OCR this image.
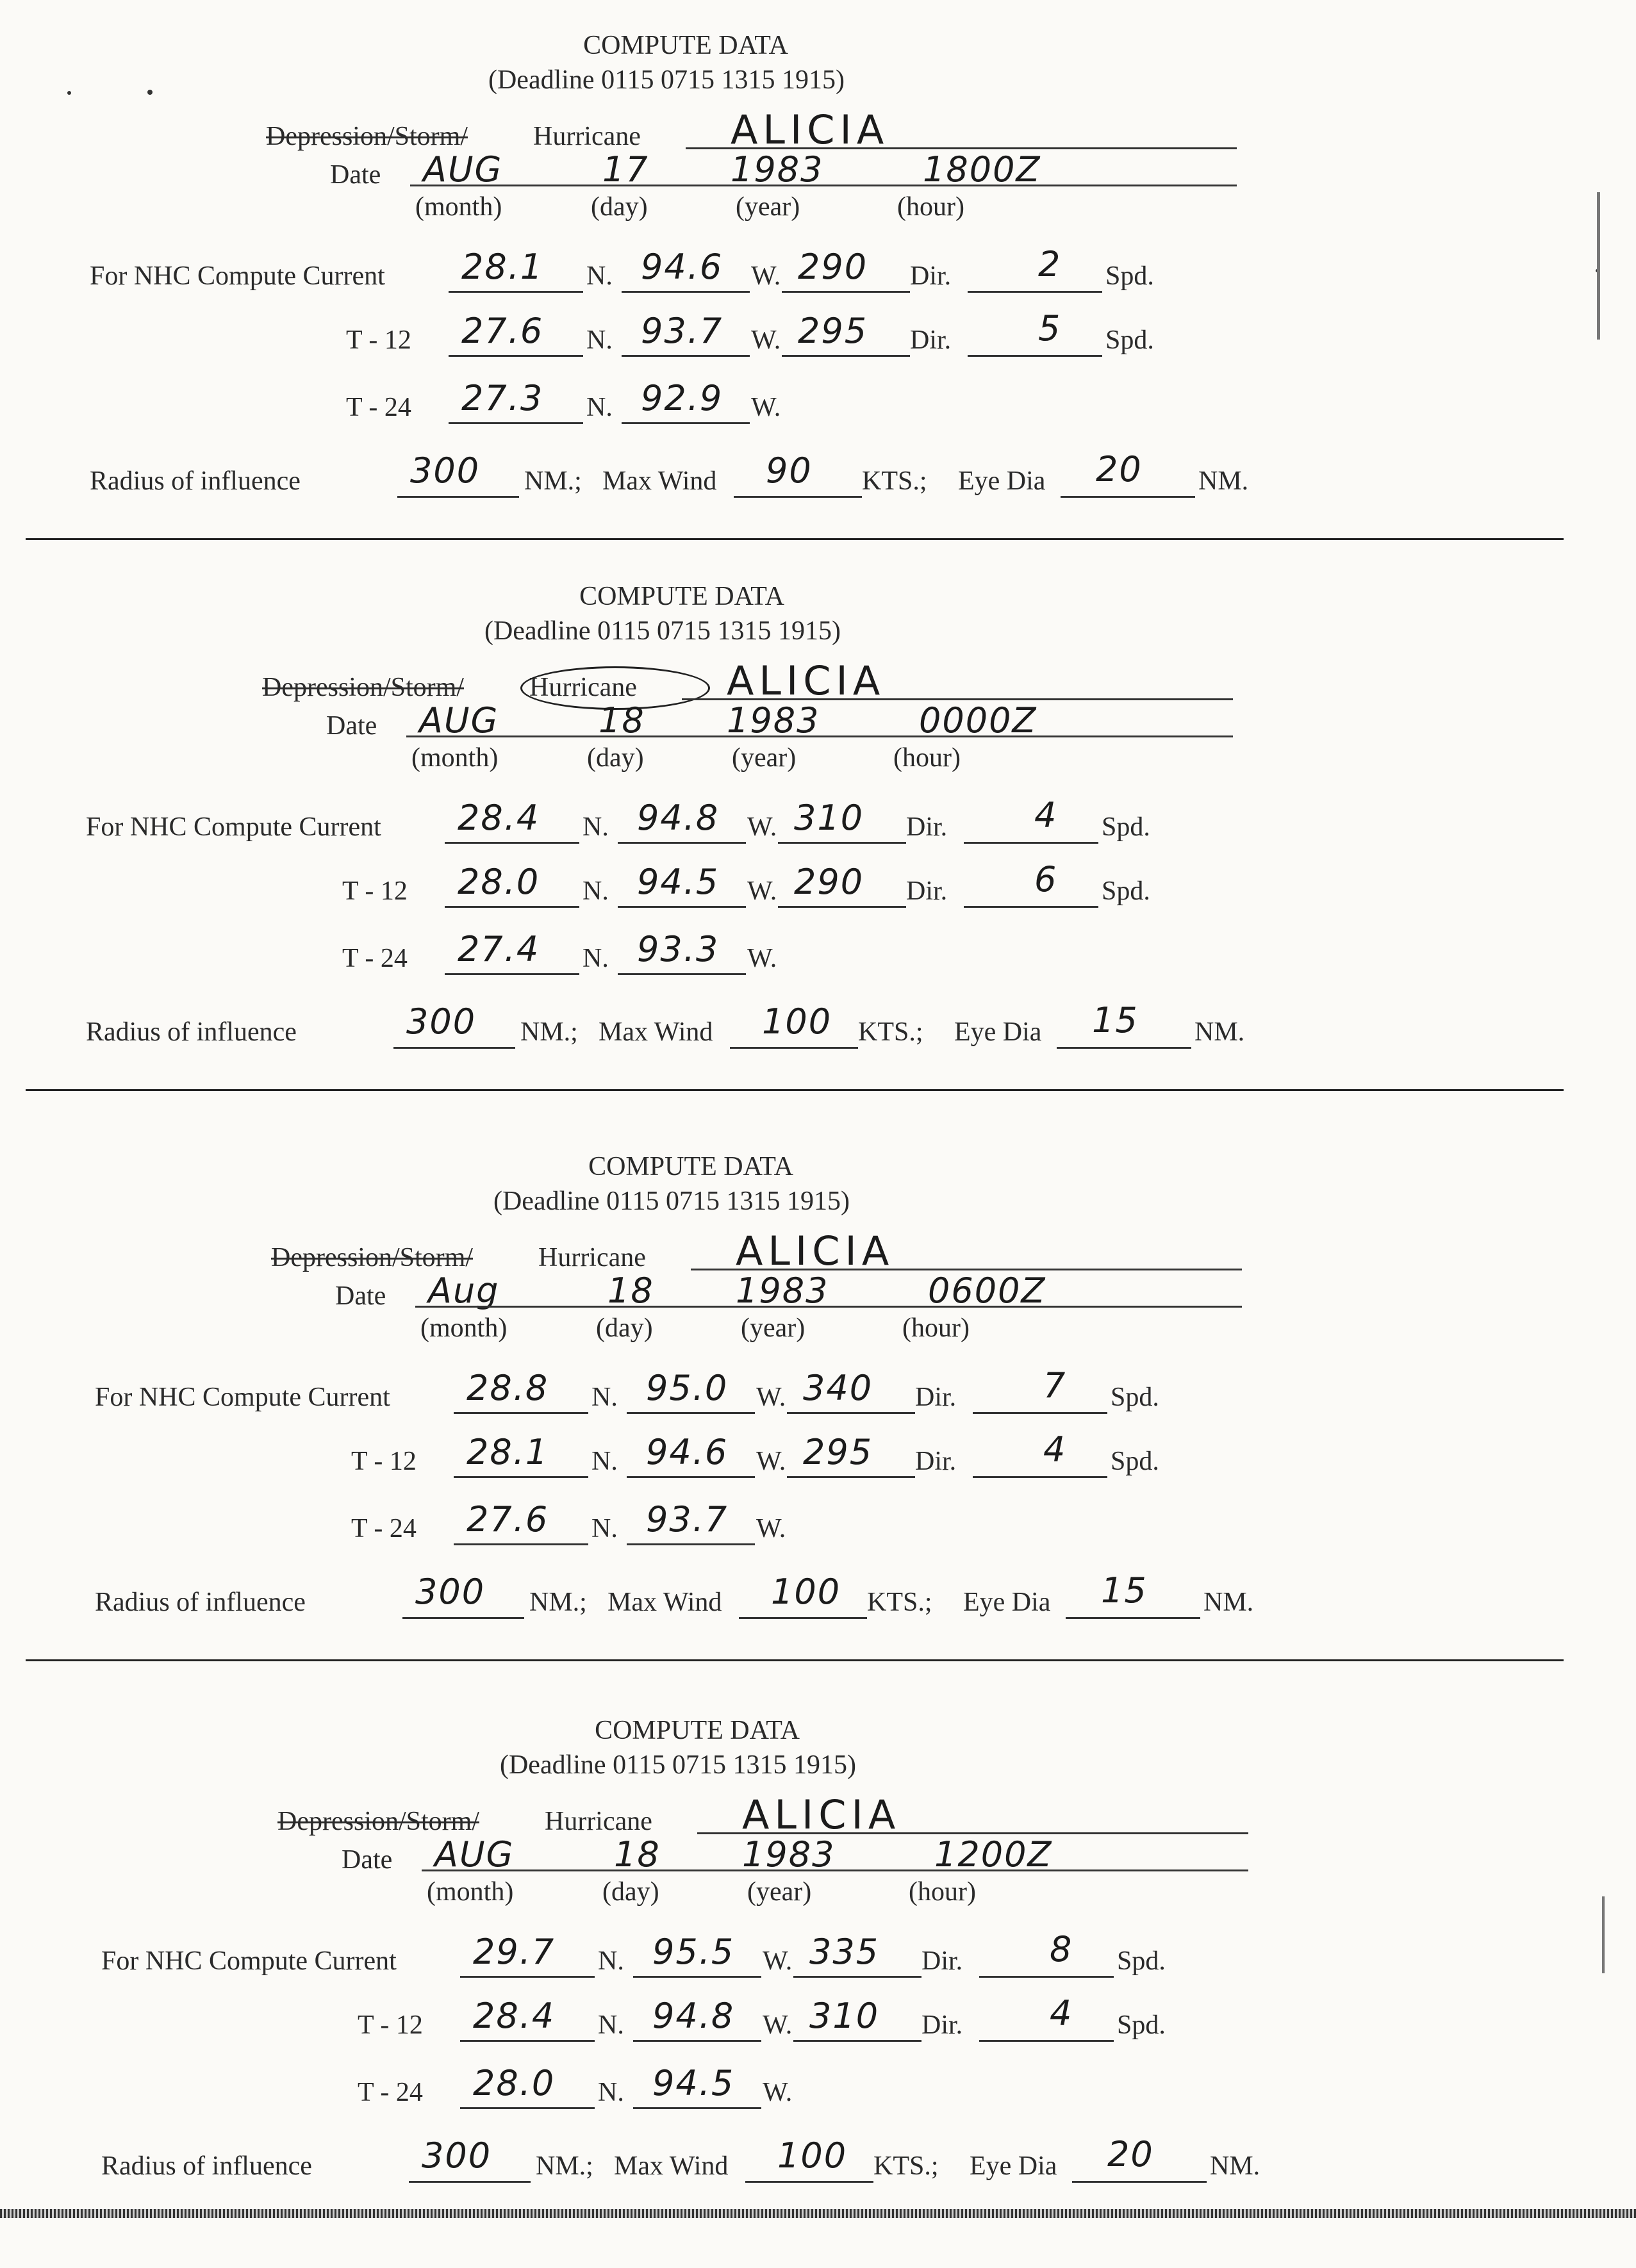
COMPUTE DATA
(Deadline 0115 0715 1315 1915)
Depression/Storm/ Hurricane ALICIA
Date AUG	17 1983	1800Z
(month)	(day)	(year)	(hour)
For NHC Compute Current 28.1 N. 94.6 W. 290 Dir.	2 Spd.
T - 12 27.6 N. 93.7 W. 295 Dir.	5 Spd.
T - 24 27.3 N. 92.9 W.
Radius of influence	300 NM.; Max Wind 90 KTS.; Eye Dia 20 NM.
COMPUTE DATA
(Deadline 0115 0715 1315 1915)
Depression/Storm/ Hurricane ALICIA
Date AUG	18 1983	0000Z
(month)	(day)	(year)	(hour)
For NHC Compute Current 28.4 N. 94.8 W. 310 Dir.	4 Spd.
T - 12 28.0 N. 94.5 W. 290 Dir.	6 Spd.
T - 24 27.4 N. 93.3 W.
Radius of influence	300 NM.; Max Wind 100 KTS.; Eye Dia 15 NM.
COMPUTE DATA
(Deadline 0115 0715 1315 1915)
Depression/Storm/ Hurricane ALICIA
Date Aug	18 1983	0600Z
(month)	(day)	(year)	(hour)
For NHC Compute Current 28.8 N. 95.0 W. 340 Dir.	7 Spd.
T - 12 28.1 N. 94.6 W. 295 Dir.	4 Spd.
T - 24 27.6 N. 93.7 W.
Radius of influence	300 NM.; Max Wind 100 KTS.; Eye Dia 15 NM.
COMPUTE DATA
(Deadline 0115 0715 1315 1915)
Depression/Storm/ Hurricane ALICIA
Date AUG	18 1983	1200Z
(month)	(day)	(year)	(hour)
For NHC Compute Current 29.7 N. 95.5 W. 335 Dir.	8 Spd.
T - 12 28.4 N. 94.8 W. 310 Dir.	4 Spd.
T - 24 28.0 N. 94.5 W.
Radius of influence	300 NM.; Max Wind 100 KTS.; Eye Dia 20 NM.
